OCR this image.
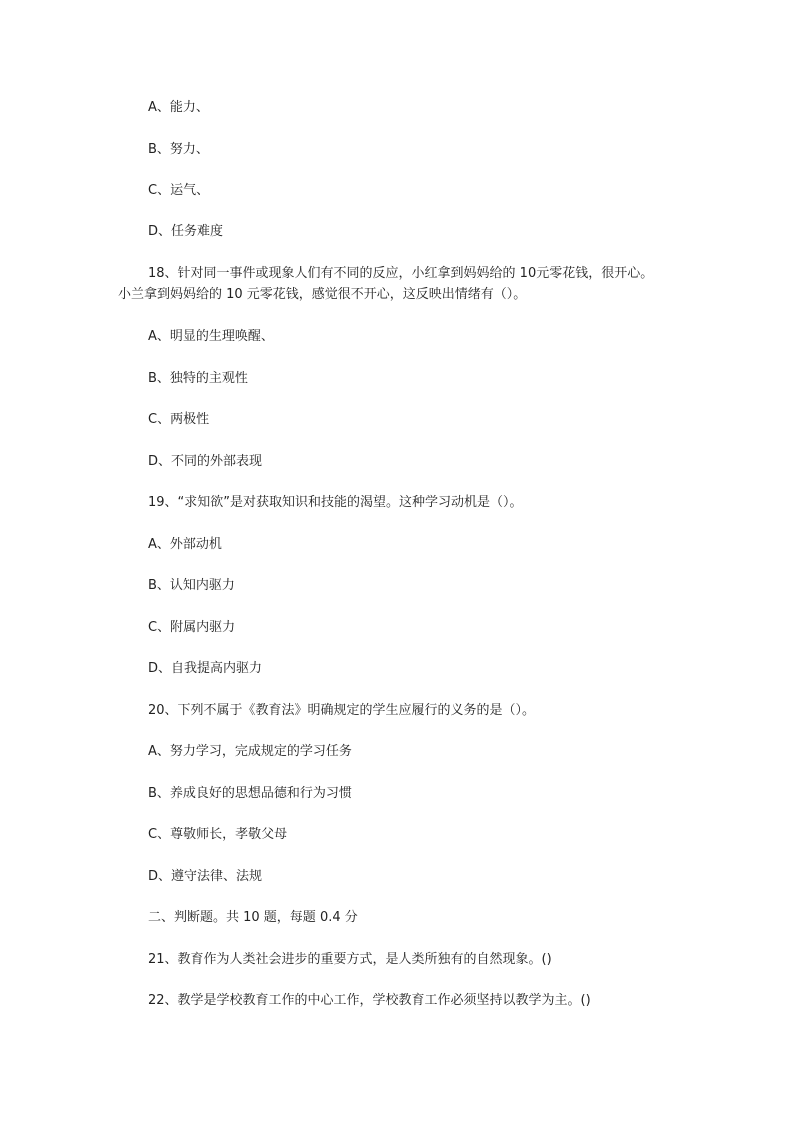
A、能力、
B、努力、
C、运气、
D、任务难度
18、针对同一事件或现象人们有不同的反应，小红拿到妈妈给的 10元零花钱，很开心。
小兰拿到妈妈给的 10 元零花钱，感觉很不开心，这反映出情绪有（）。
A、明显的生理唤醒、
B、独特的主观性
C、两极性
D、不同的外部表现
19、“求知欲”是对获取知识和技能的渴望。这种学习动机是（）。
A、外部动机
B、认知内驱力
C、附属内驱力
D、自我提高内驱力
20、下列不属于《教育法》明确规定的学生应履行的义务的是（）。
A、努力学习，完成规定的学习任务
B、养成良好的思想品德和行为习惯
C、尊敬师长，孝敬父母
D、遵守法律、法规
二、判断题。共 10 题，每题 0.4 分
21、教育作为人类社会进步的重要方式，是人类所独有的自然现象。()
22、教学是学校教育工作的中心工作，学校教育工作必须坚持以教学为主。()
